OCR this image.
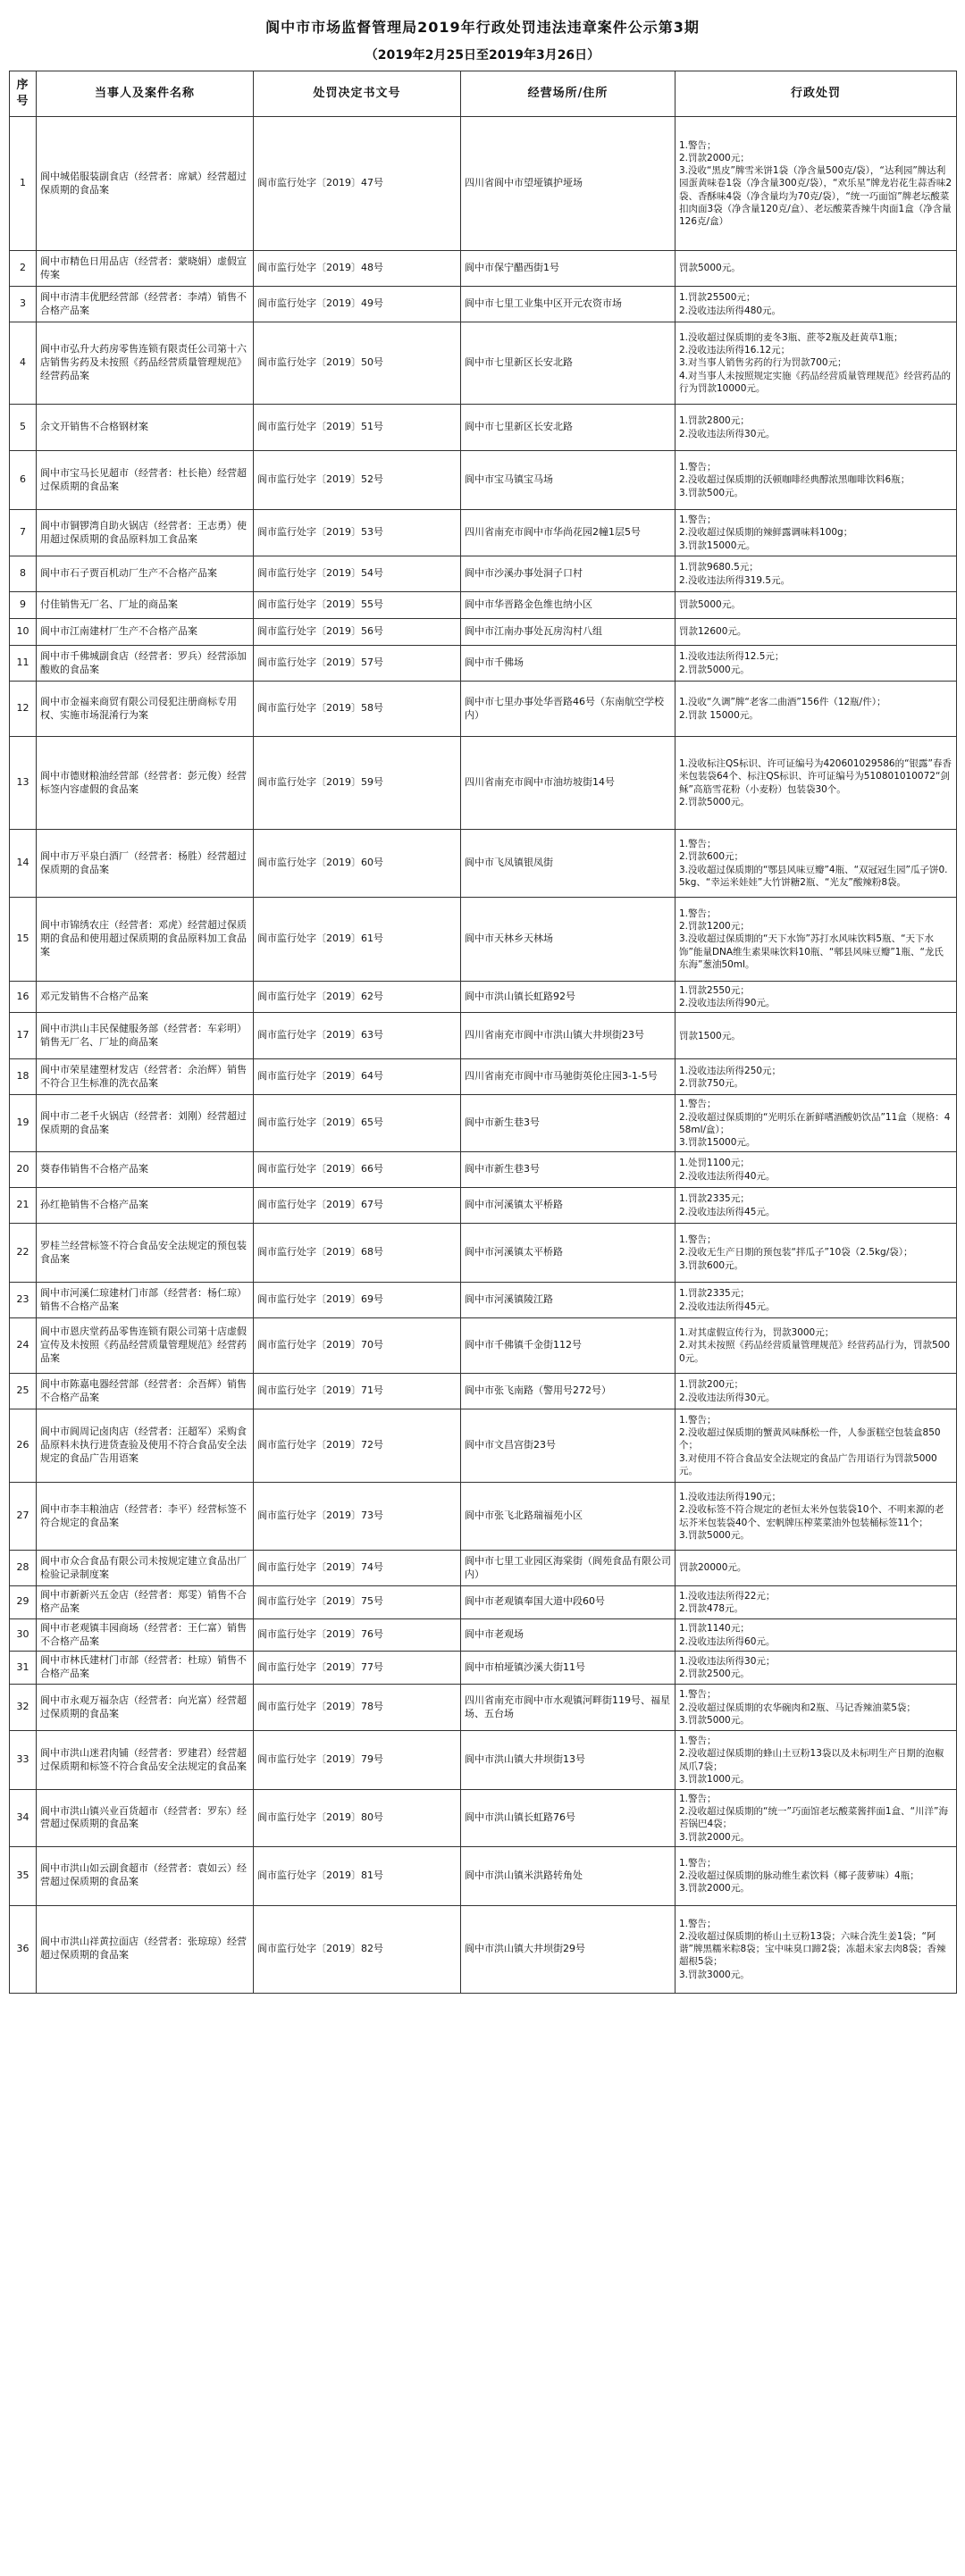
阆中市市场监督管理局2019年行政处罚违法违章案件公示第3期
（2019年2月25日至2019年3月26日）
序号	当事人及案件名称	处罚决定书文号	经营场所/住所	行政处罚
1	阆中城偌服装副食店（经营者：席斌）经营超过保质期的食品案	阆市监行处字〔2019〕47号	四川省阆中市望垭镇护垭场	1.警告；
2.罚款2000元；
3.没收“黑皮”牌雪米饼1袋（净含量500克/袋），“达利园”牌达利园蛋黄味卷1袋（净含量300克/袋），“欢乐星”牌龙岩花生蒜香味2袋、香酥味4袋（净含量均为70克/袋），“统一巧面馆”牌老坛酸菜扣肉面3袋（净含量120克/盒）、老坛酸菜香辣牛肉面1盒（净含量126克/盒）
2	阆中市精色日用品店（经营者：蒙晓娟）虚假宣传案	阆市监行处字〔2019〕48号	阆中市保宁醋西街1号	罚款5000元。
3	阆中市清丰优肥经营部（经营者：李靖）销售不合格产品案	阆市监行处字〔2019〕49号	阆中市七里工业集中区开元农资市场	1.罚款25500元；
2.没收违法所得480元。
4	阆中市弘升大药房零售连锁有限责任公司第十六店销售劣药及未按照《药品经营质量管理规范》经营药品案	阆市监行处字〔2019〕50号	阆中市七里新区长安北路	1.没收超过保质期的麦冬3瓶、蔗苓2瓶及赶黄草1瓶；
2.没收违法所得16.12元；
3.对当事人销售劣药的行为罚款700元；
4.对当事人未按照规定实施《药品经营质量管理规范》经营药品的行为罚款10000元。
5	余文开销售不合格钢材案	阆市监行处字〔2019〕51号	阆中市七里新区长安北路	1.罚款2800元；
2.没收违法所得30元。
6	阆中市宝马长见超市（经营者：杜长艳）经营超过保质期的食品案	阆市监行处字〔2019〕52号	阆中市宝马镇宝马场	1.警告；
2.没收超过保质期的沃顿咖啡经典醇浓黑咖啡饮料6瓶；
3.罚款500元。
7	阆中市铜锣湾自助火锅店（经营者：王志勇）使用超过保质期的食品原料加工食品案	阆市监行处字〔2019〕53号	四川省南充市阆中市华尚花园2幢1层5号	1.警告；
2.没收超过保质期的辣鲜露调味料100g；
3.罚款15000元。
8	阆中市石子贾百机动厂生产不合格产品案	阆市监行处字〔2019〕54号	阆中市沙溪办事处洞子口村	1.罚款9680.5元；
2.没收违法所得319.5元。
9	付佳销售无厂名、厂址的商品案	阆市监行处字〔2019〕55号	阆中市华晋路金色维也纳小区	罚款5000元。
10	阆中市江南建材厂生产不合格产品案	阆市监行处字〔2019〕56号	阆中市江南办事处瓦房沟村八组	罚款12600元。
11	阆中市千佛城副食店（经营者：罗兵）经营添加酸败的食品案	阆市监行处字〔2019〕57号	阆中市千佛场	1.没收违法所得12.5元；
2.罚款5000元。
12	阆中市金福来商贸有限公司侵犯注册商标专用权、实施市场混淆行为案	阆市监行处字〔2019〕58号	阆中市七里办事处华晋路46号（东南航空学校内）	1.没收“久调”牌“老客二曲酒”156件（12瓶/件）；
2.罚款 15000元。
13	阆中市德财粮油经营部（经营者：彭元俊）经营标签内容虚假的食品案	阆市监行处字〔2019〕59号	四川省南充市阆中市油坊坡街14号	1.没收标注QS标识、许可证编号为42060102958​6的“银露”春香米包装袋64个、标注QS标识、许可证编号为51080101​0072“剑稣”高筋雪花粉（小麦粉）包装袋30个。
2.罚款5000元。
14	阆中市万平泉白酒厂（经营者：杨胜）经营超过保质期的食品案	阆市监行处字〔2019〕60号	阆中市飞凤镇银凤街	1.警告；
2.罚款600元；
3.没收超过保质期的“鄂县风味豆瓣”4瓶、“双冠冠生园”瓜子饼0.5kg、“幸运米娃娃”大竹饼糖2瓶、“光友”酸辣粉8袋。
15	阆中市锦绣农庄（经营者：邓虎）经营超过保质期的食品和使用超过保质期的食品原料加工食品案	阆市监行处字〔2019〕61号	阆中市天林乡天林场	1.警告；
2.罚款1200元；
3.没收超过保质期的“天下水饰”苏打水风味饮料5瓶、“天下水饰”能量DNA维生素果味饮料10瓶、“郫县风味豆瓣”1瓶、“龙氏东海”葱油50ml。
16	邓元发销售不合格产品案	阆市监行处字〔2019〕62号	阆中市洪山镇长虹路92号	1.罚款2550元；
2.没收违法所得90元。
17	阆中市洪山丰民保健服务部（经营者：车彩明）销售无厂名、厂址的商品案	阆市监行处字〔2019〕63号	四川省南充市阆中市洪山镇大井坝街23号	罚款1500元。
18	阆中市荣星建塑材发店（经营者：余治辉）销售不符合卫生标准的洗衣品案	阆市监行处字〔2019〕64号	四川省南充市阆中市马驰街英伦庄园3-1-5号	1.没收违法所得250元；
2.罚款750元。
19	阆中市二老千火锅店（经营者：刘刚）经营超过保质期的食品案	阆市监行处字〔2019〕65号	阆中市新生巷3号	1.警告；
2.没收超过保质期的“光明乐在新鲜嗜酒酸奶饮品”11盒（规格：458ml/盒）；
3.罚款15000元。
20	葵春伟销售不合格产品案	阆市监行处字〔2019〕66号	阆中市新生巷3号	1.处罚1100元；
2.没收违法所得40元。
21	孙红艳销售不合格产品案	阆市监行处字〔2019〕67号	阆中市河溪镇太平桥路	1.罚款2335元；
2.没收违法所得45元。
22	罗桂兰经营标签不符合食品安全法规定的预包装食品案	阆市监行处字〔2019〕68号	阆中市河溪镇太平桥路	1.警告；
2.没收无生产日期的预包装“拌瓜子”10袋（2.5kg/袋）；
3.罚款600元。
23	阆中市河溪仁琼建材门市部（经营者：杨仁琼）销售不合格产品案	阆市监行处字〔2019〕69号	阆中市河溪镇陵江路	1.罚款2335元；
2.没收违法所得45元。
24	阆中市恩庆堂药品零售连锁有限公司第十店虚假宣传及未按照《药品经营质量管理规范》经营药品案	阆市监行处字〔2019〕70号	阆中市千佛镇千金街112号	1.对其虚假宣传行为，罚款3000元；
2.对其未按照《药品经营质量管理规范》经营药品行为，罚款5000元。
25	阆中市陈嘉电器经营部（经营者：余吾辉）销售不合格产品案	阆市监行处字〔2019〕71号	阆中市张飞南路（警用号272号）	1.罚款200元；
2.没收违法所得30元。
26	阆中市阆周记卤肉店（经营者：汪超军）采购食品原料未执行进货查验及使用不符合食品安全法规定的食品广告用语案	阆市监行处字〔2019〕72号	阆中市文昌宫街23号	1.警告；
2.没收超过保质期的蟹黄风味酥松一件，人参蛋糕空包装盒850个；
3.对使用不符合食品安全法规定的食品广告用语行为罚款5000元。
27	阆中市李丰粮油店（经营者：李平）经营标签不符合规定的食品案	阆市监行处字〔2019〕73号	阆中市张飞北路瑞福苑小区	1.没收违法所得190元；
2.没收标签不符合规定的老恒太米外包装袋10个、不明来源的老坛芥米包装袋40个、宏帆牌压榨菜菜油外包装桶标签11个；
3.罚款5000元。
28	阆中市众合食品有限公司未按规定建立食品出厂检验记录制度案	阆市监行处字〔2019〕74号	阆中市七里工业园区海棠街（阆苑食品有限公司内）	罚款20000元。
29	阆中市新新兴五金店（经营者：郑雯）销售不合格产品案	阆市监行处字〔2019〕75号	阆中市老观镇奉国大道中段60号	1.没收违法所得22元；
2.罚款478元。
30	阆中市老观镇丰园商场（经营者：王仁富）销售不合格产品案	阆市监行处字〔2019〕76号	阆中市老观场	1.罚款1140元；
2.没收违法所得60元。
31	阆中市林氏建材门市部（经营者：杜琼）销售不合格产品案	阆市监行处字〔2019〕77号	阆中市柏垭镇沙溪大街11号	1.没收违法所得30元；
2.罚款2500元。
32	阆中市永观万福杂店（经营者：向光富）经营超过保质期的食品案	阆市监行处字〔2019〕78号	四川省南充市阆中市水观镇河畔街119号、福星场、五台场	1.警告；
2.没收超过保质期的农华碗肉和2瓶、马记香辣油菜5袋；
3.罚款5000元。
33	阆中市洪山迷君肉铺（经营者：罗建君）经营超过保质期和标签不符合食品安全法规定的食品案	阆市监行处字〔2019〕79号	阆中市洪山镇大井坝街13号	1.警告；
2.没收超过保质期的蜂山土豆粉13袋以及未标明生产日期的泡椒凤爪7袋；
3.罚款1000元。
34	阆中市洪山镇兴业百货超市（经营者：罗东）经营超过保质期的食品案	阆市监行处字〔2019〕80号	阆中市洪山镇长虹路76号	1.警告；
2.没收超过保质期的“统一”巧面馆老坛酸菜酱拌面1盒、“川洋”海苔锅巴4袋；
3.罚款2000元。
35	阆中市洪山如云副食超市（经营者：袁如云）经营超过保质期的食品案	阆市监行处字〔2019〕81号	阆中市洪山镇米洪路转角处	1.警告；
2.没收超过保质期的脉动维生素饮料（椰子菠萝味）4瓶；
3.罚款2000元。
36	阆中市洪山祥黄拉面店（经营者：张琼琼）经营超过保质期的食品案	阆市监行处字〔2019〕82号	阆中市洪山镇大井坝街29号	1.警告；
2.没收超过保质期的桥山土豆粉13袋；六味合洗生姜1袋；“阿谐”牌黑糯米粽8袋；宝中味臭口蹄2袋；冻超未家去肉8袋；香辣超根5袋；
3.罚款3000元。
